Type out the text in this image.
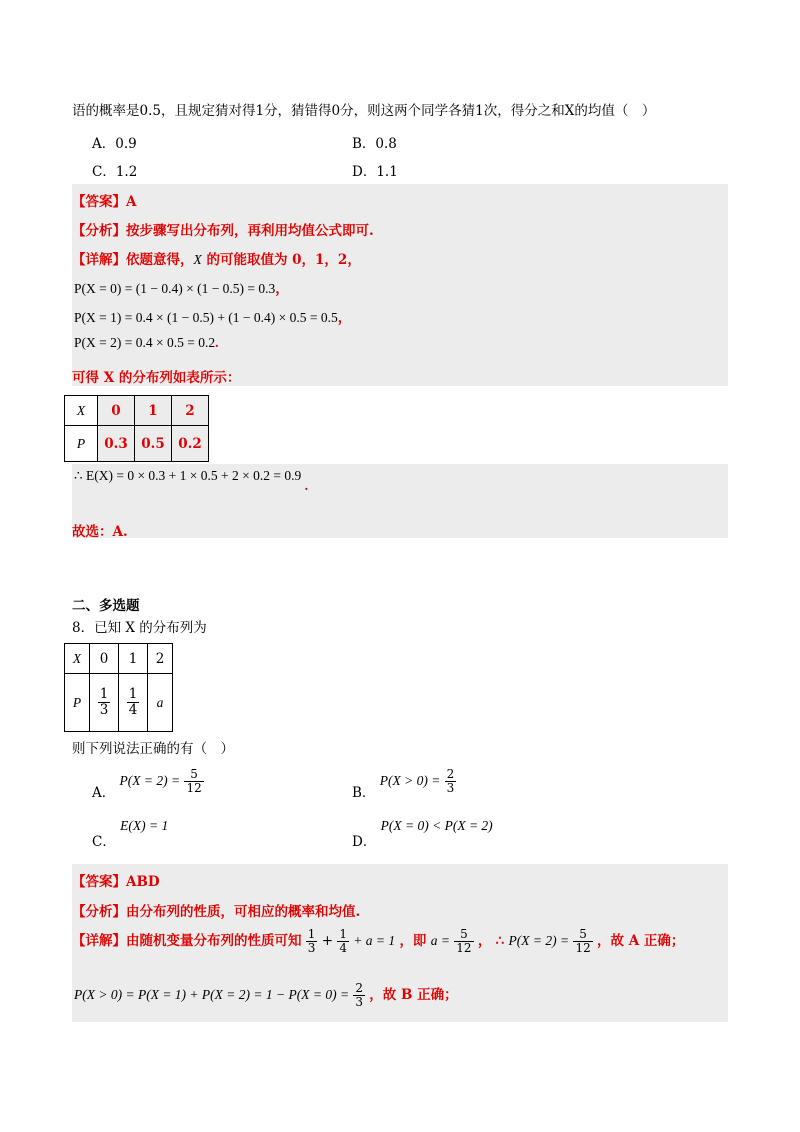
语的概率是0.5，且规定猜对得1分，猜错得0分，则这两个同学各猜1次，得分之和X的均值（　）
A．0.9	B．0.8
C．1.2	D．1.1
【答案】A
【分析】按步骤写出分布列，再利用均值公式即可.
【详解】依题意得，X 的可能取值为 0，1，2，
P(X = 0) = (1 − 0.4) × (1 − 0.5) = 0.3，
P(X = 1) = 0.4 × (1 − 0.5) + (1 − 0.4) × 0.5 = 0.5，
P(X = 2) = 0.4 × 0.5 = 0.2.
可得 X 的分布列如表所示：
X	0	1	2
P	0.3	0.5	0.2
∴ E(X) = 0 × 0.3 + 1 × 0.5 + 2 × 0.2 = 0.9 .
故选：A.
二、多选题
8．已知 X 的分布列为
X	0	1	2
P	$\frac{1}{3}$	$\frac{1}{4}$	a
则下列说法正确的有（　）
A． $P(X = 2) = \frac{5}{12}$	B． $P(X > 0) = \frac{2}{3}$
C． E(X) = 1
D． P(X = 0) < P(X = 2)
【答案】ABD
【分析】由分布列的性质，可相应的概率和均值.
【详解】由随机变量分布列的性质可知 $\frac{1}{3} + \frac{1}{4} + a = 1$ ，即 $a = \frac{5}{12}$ ， ∴ $P(X = 2) = \frac{5}{12}$ ，故 A 正确；
$P(X > 0) = P(X = 1) + P(X = 2) = 1 - P(X = 0) = \frac{2}{3}$ ，故 B 正确；
